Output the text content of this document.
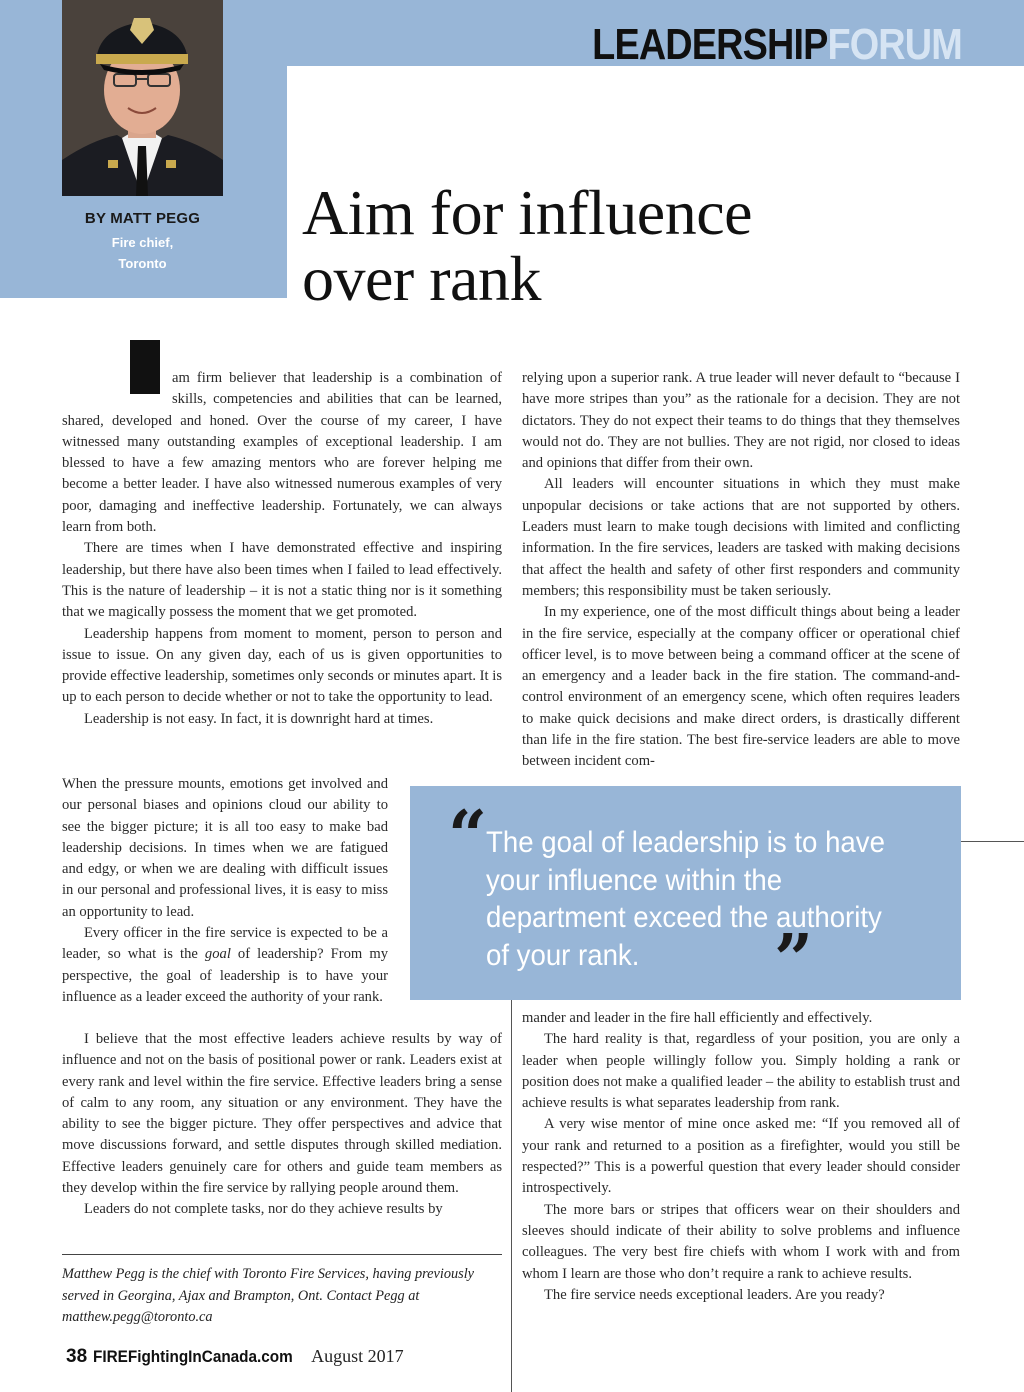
LEADERSHIP FORUM
BY MATT PEGG
Fire chief,
Toronto
Aim for influence
over rank

am firm believer that leadership is a combination of skills, competencies and abilities that can be learned, shared, developed and honed. Over the course of my career, I have witnessed many outstanding examples of exceptional leadership. I am blessed to have a few amazing mentors who are forever helping me become a better leader. I have also witnessed numerous examples of very poor, damaging and ineffective leadership. Fortunately, we can always learn from both.

There are times when I have demonstrated effective and inspiring leadership, but there have also been times when I failed to lead effectively. This is the nature of leadership – it is not a static thing nor is it something that we magically possess the moment that we get promoted.

Leadership happens from moment to moment, person to person and issue to issue. On any given day, each of us is given opportunities to provide effective leadership, sometimes only seconds or minutes apart. It is up to each person to decide whether or not to take the opportunity to lead.

Leadership is not easy. In fact, it is downright hard at times.

When the pressure mounts, emotions get involved and our personal biases and opinions cloud our ability to see the bigger picture; it is all too easy to make bad leadership decisions. In times when we are fatigued and edgy, or when we are dealing with difficult issues in our personal and professional lives, it is easy to miss an opportunity to lead.

Every officer in the fire service is expected to be a leader, so what is the goal of leadership? From my perspective, the goal of leadership is to have your influence as a leader exceed the authority of your rank.

I believe that the most effective leaders achieve results by way of influence and not on the basis of positional power or rank. Leaders exist at every rank and level within the fire service. Effective leaders bring a sense of calm to any room, any situation or any environment. They have the ability to see the bigger picture. They offer perspectives and advice that move discussions forward, and settle disputes through skilled mediation. Effective leaders genuinely care for others and guide team members as they develop within the fire service by rallying people around them.

Leaders do not complete tasks, nor do they achieve results by

relying upon a superior rank. A true leader will never default to “because I have more stripes than you” as the rationale for a decision. They are not dictators. They do not expect their teams to do things that they themselves would not do. They are not bullies. They are not rigid, nor closed to ideas and opinions that differ from their own.

All leaders will encounter situations in which they must make unpopular decisions or take actions that are not supported by others. Leaders must learn to make tough decisions with limited and conflicting information. In the fire services, leaders are tasked with making decisions that affect the health and safety of other first responders and community members; this responsibility must be taken seriously.

In my experience, one of the most difficult things about being a leader in the fire service, especially at the company officer or operational chief officer level, is to move between being a command officer at the scene of an emergency and a leader back in the fire station. The command-and-control environment of an emergency scene, which often requires leaders to make quick decisions and make direct orders, is drastically different than life in the fire station. The best fire-service leaders are able to move between incident com-

mander and leader in the fire hall efficiently and effectively.

The hard reality is that, regardless of your position, you are only a leader when people willingly follow you. Simply holding a rank or position does not make a qualified leader – the ability to establish trust and achieve results is what separates leadership from rank.

A very wise mentor of mine once asked me: “If you removed all of your rank and returned to a position as a firefighter, would you still be respected?” This is a powerful question that every leader should consider introspectively.

The more bars or stripes that officers wear on their shoulders and sleeves should indicate of their ability to solve problems and influence colleagues. The very best fire chiefs with whom I work with and from whom I learn are those who don’t require a rank to achieve results.

The fire service needs exceptional leaders. Are you ready?

“
The goal of leadership is to have your influence within the department exceed the authority of your rank.	”
Matthew Pegg is the chief with Toronto Fire Services, having previously served in Georgina, Ajax and Brampton, Ont. Contact Pegg at matthew.pegg@toronto.ca
38 FIREFightingInCanada.com August 2017
